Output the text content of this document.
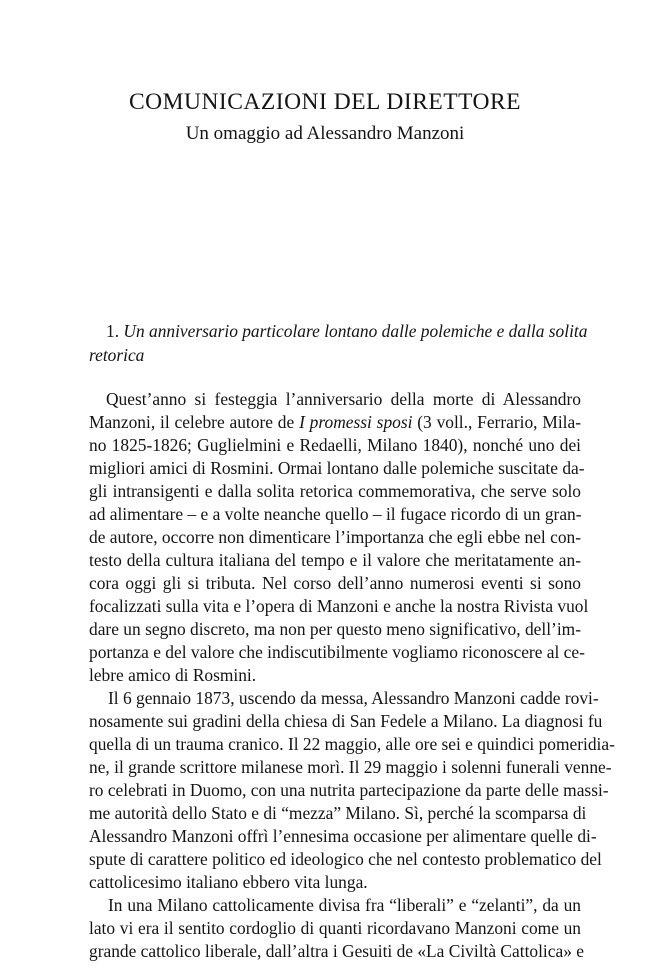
COMUNICAZIONI DEL DIRETTORE
Un omaggio ad Alessandro Manzoni

1. Un anniversario particolare lontano dalle polemiche e dalla solita

retorica

Quest’anno si festeggia l’anniversario della morte di Alessandro

Manzoni, il celebre autore de I promessi sposi (3 voll., Ferrario, Mila-

no 1825-1826; Guglielmini e Redaelli, Milano 1840), nonché uno dei

migliori amici di Rosmini. Ormai lontano dalle polemiche suscitate da-

gli intransigenti e dalla solita retorica commemorativa, che serve solo

ad alimentare – e a volte neanche quello – il fugace ricordo di un gran-

de autore, occorre non dimenticare l’importanza che egli ebbe nel con-

testo della cultura italiana del tempo e il valore che meritatamente an-

cora oggi gli si tributa. Nel corso dell’anno numerosi eventi si sono

focalizzati sulla vita e l’opera di Manzoni e anche la nostra Rivista vuol

dare un segno discreto, ma non per questo meno significativo, dell’im-

portanza e del valore che indiscutibilmente vogliamo riconoscere al ce-

lebre amico di Rosmini.

Il 6 gennaio 1873, uscendo da messa, Alessandro Manzoni cadde rovi-

nosamente sui gradini della chiesa di San Fedele a Milano. La diagnosi fu

quella di un trauma cranico. Il 22 maggio, alle ore sei e quindici pomeridia-

ne, il grande scrittore milanese morì. Il 29 maggio i solenni funerali venne-

ro celebrati in Duomo, con una nutrita partecipazione da parte delle massi-

me autorità dello Stato e di “mezza” Milano. Sì, perché la scomparsa di

Alessandro Manzoni offrì l’ennesima occasione per alimentare quelle di-

spute di carattere politico ed ideologico che nel contesto problematico del

cattolicesimo italiano ebbero vita lunga.

In una Milano cattolicamente divisa fra “liberali” e “zelanti”, da un

lato vi era il sentito cordoglio di quanti ricordavano Manzoni come un

grande cattolico liberale, dall’altra i Gesuiti de «La Civiltà Cattolica» e
